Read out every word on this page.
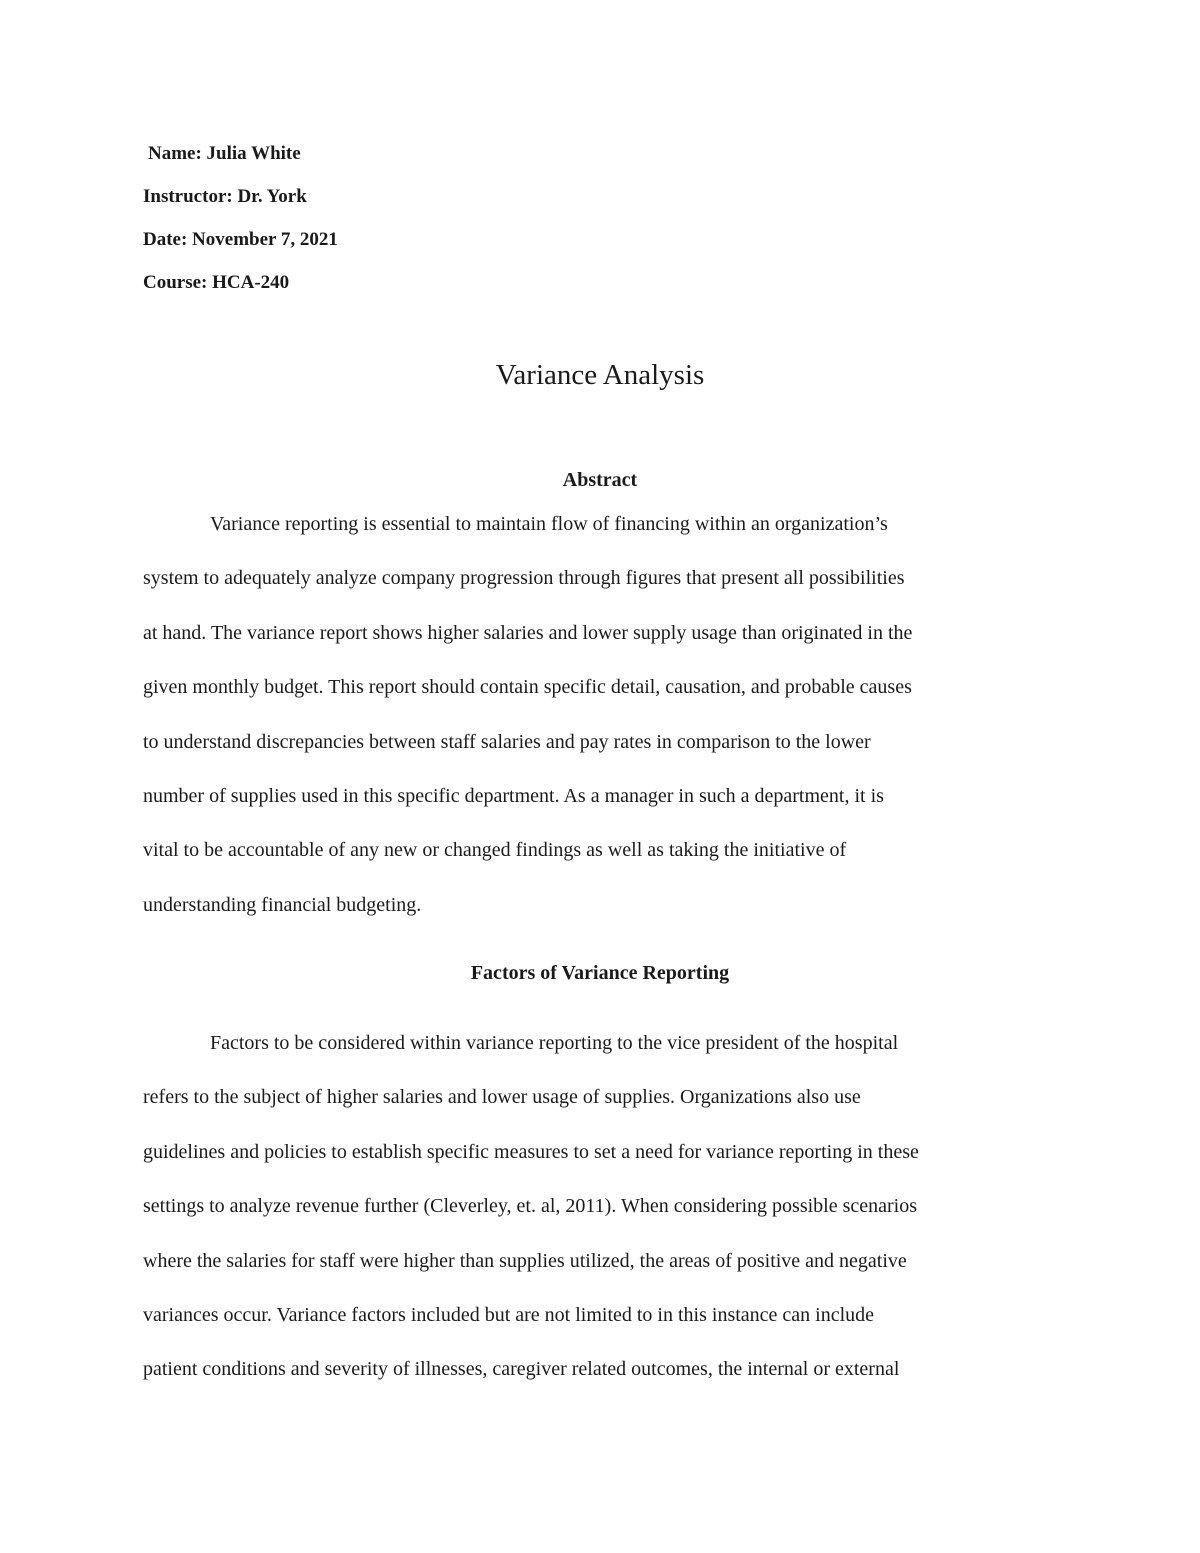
Name: Julia White

Instructor: Dr. York

Date: November 7, 2021

Course: HCA-240

Variance Analysis
Abstract
Variance reporting is essential to maintain flow of financing within an organization’s
system to adequately analyze company progression through figures that present all possibilities
at hand. The variance report shows higher salaries and lower supply usage than originated in the
given monthly budget. This report should contain specific detail, causation, and probable causes
to understand discrepancies between staff salaries and pay rates in comparison to the lower
number of supplies used in this specific department. As a manager in such a department, it is
vital to be accountable of any new or changed findings as well as taking the initiative of
understanding financial budgeting.
Factors of Variance Reporting
Factors to be considered within variance reporting to the vice president of the hospital
refers to the subject of higher salaries and lower usage of supplies. Organizations also use
guidelines and policies to establish specific measures to set a need for variance reporting in these
settings to analyze revenue further (Cleverley, et. al, 2011). When considering possible scenarios
where the salaries for staff were higher than supplies utilized, the areas of positive and negative
variances occur. Variance factors included but are not limited to in this instance can include
patient conditions and severity of illnesses, caregiver related outcomes, the internal or external
